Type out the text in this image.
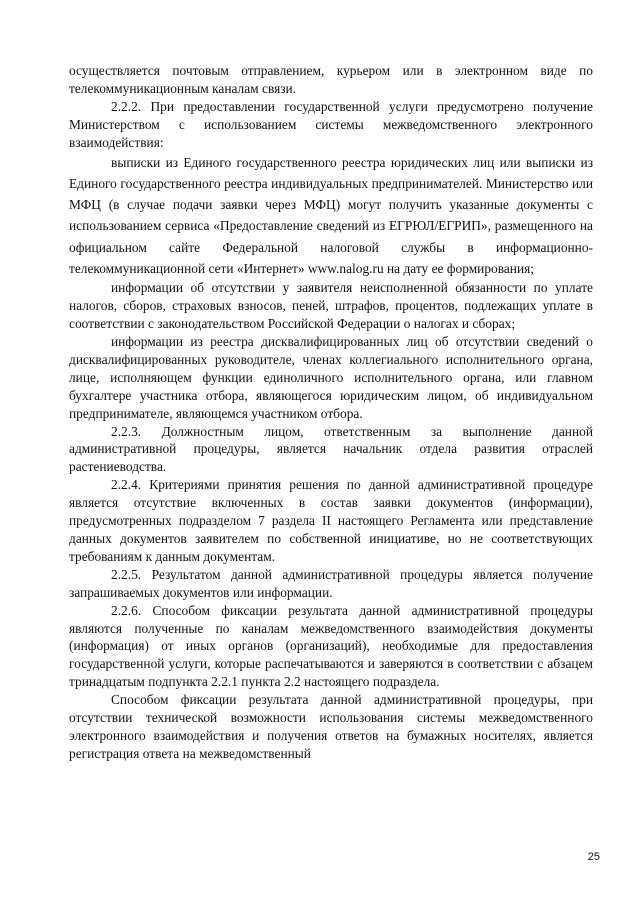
осуществляется почтовым отправлением, курьером или в электронном виде по телекоммуникационным каналам связи.

2.2.2. При предоставлении государственной услуги предусмотрено получение Министерством с использованием системы межведомственного электронного взаимодействия:

выписки из Единого государственного реестра юридических лиц или выписки из Единого государственного реестра индивидуальных предпринимателей. Министерство или МФЦ (в случае подачи заявки через МФЦ) могут получить указанные документы с использованием сервиса «Предоставление сведений из ЕГРЮЛ/ЕГРИП», размещенного на официальном сайте Федеральной налоговой службы в информационно-телекоммуникационной сети «Интернет» www.nalog.ru на дату ее формирования;

информации об отсутствии у заявителя неисполненной обязанности по уплате налогов, сборов, страховых взносов, пеней, штрафов, процентов, подлежащих уплате в соответствии с законодательством Российской Федерации о налогах и сборах;

информации из реестра дисквалифицированных лиц об отсутствии сведений о дисквалифицированных руководителе, членах коллегиального исполнительного органа, лице, исполняющем функции единоличного исполнительного органа, или главном бухгалтере участника отбора, являющегося юридическим лицом, об индивидуальном предпринимателе, являющемся участником отбора.

2.2.3. Должностным лицом, ответственным за выполнение данной административной процедуры, является начальник отдела развития отраслей растениеводства.

2.2.4. Критериями принятия решения по данной административной процедуре является отсутствие включенных в состав заявки документов (информации), предусмотренных подразделом 7 раздела II настоящего Регламента или представление данных документов заявителем по собственной инициативе, но не соответствующих требованиям к данным документам.

2.2.5. Результатом данной административной процедуры является получение запрашиваемых документов или информации.

2.2.6. Способом фиксации результата данной административной процедуры являются полученные по каналам межведомственного взаимодействия документы (информация) от иных органов (организаций), необходимые для предоставления государственной услуги, которые распечатываются и заверяются в соответствии с абзацем тринадцатым подпункта 2.2.1 пункта 2.2 настоящего подраздела.

Способом фиксации результата данной административной процедуры, при отсутствии технической возможности использования системы межведомственного электронного взаимодействия и получения ответов на бумажных носителях, является регистрация ответа на межведомственный

25
